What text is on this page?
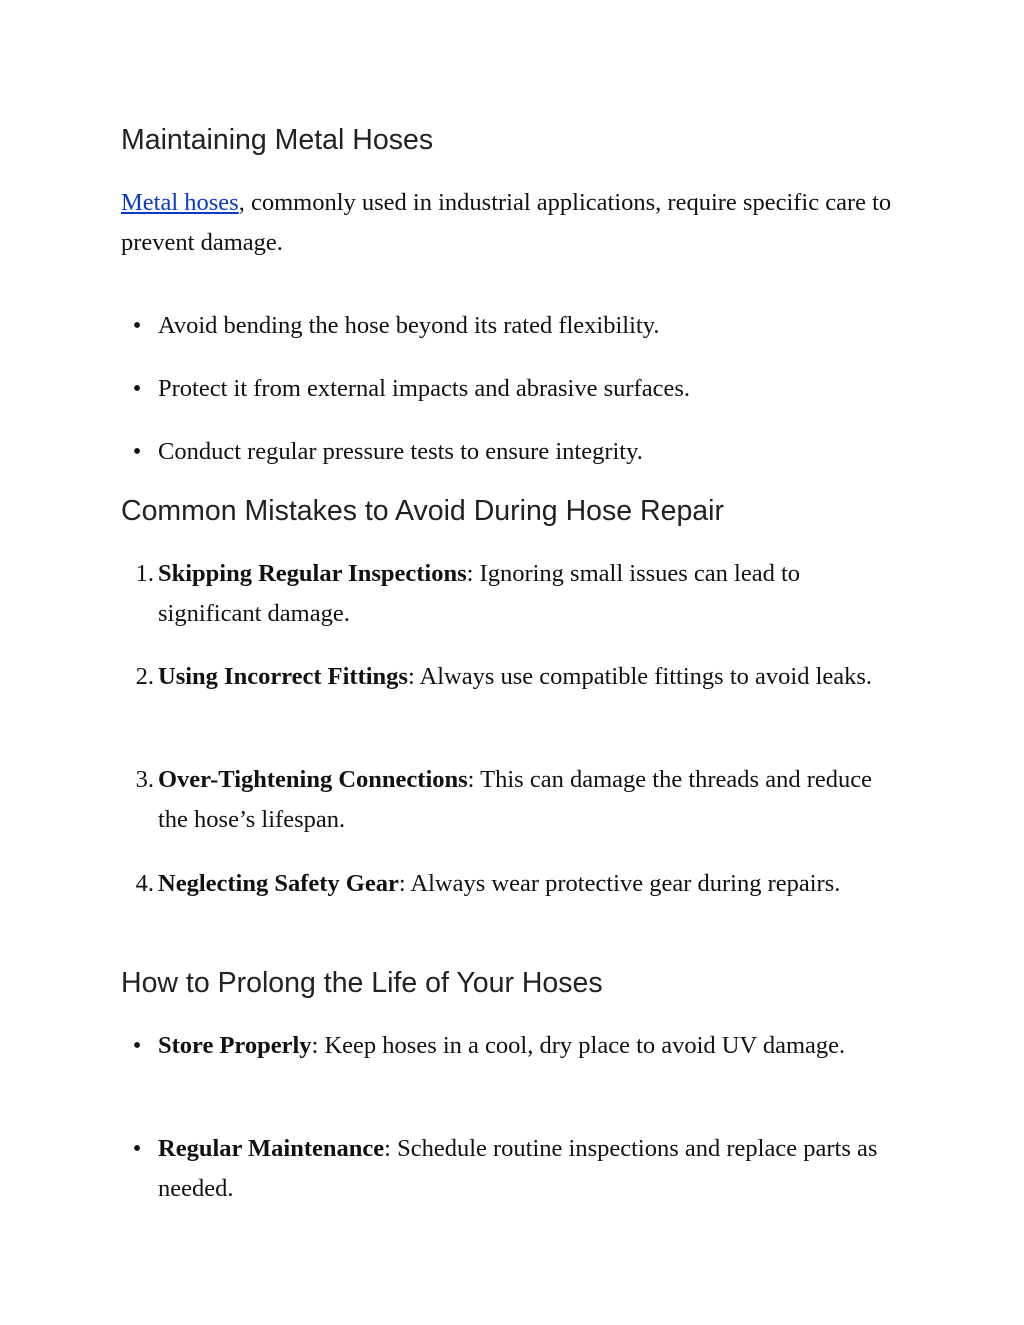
Maintaining Metal Hoses

Metal hoses, commonly used in industrial applications, require specific care to prevent damage.

• Avoid bending the hose beyond its rated flexibility.
• Protect it from external impacts and abrasive surfaces.
• Conduct regular pressure tests to ensure integrity.
Common Mistakes to Avoid During Hose Repair
1. Skipping Regular Inspections: Ignoring small issues can lead to significant damage.
2. Using Incorrect Fittings: Always use compatible fittings to avoid leaks.
3. Over-Tightening Connections: This can damage the threads and reduce the hose’s lifespan.
4. Neglecting Safety Gear: Always wear protective gear during repairs.
How to Prolong the Life of Your Hoses
• Store Properly: Keep hoses in a cool, dry place to avoid UV damage.
• Regular Maintenance: Schedule routine inspections and replace parts as needed.
